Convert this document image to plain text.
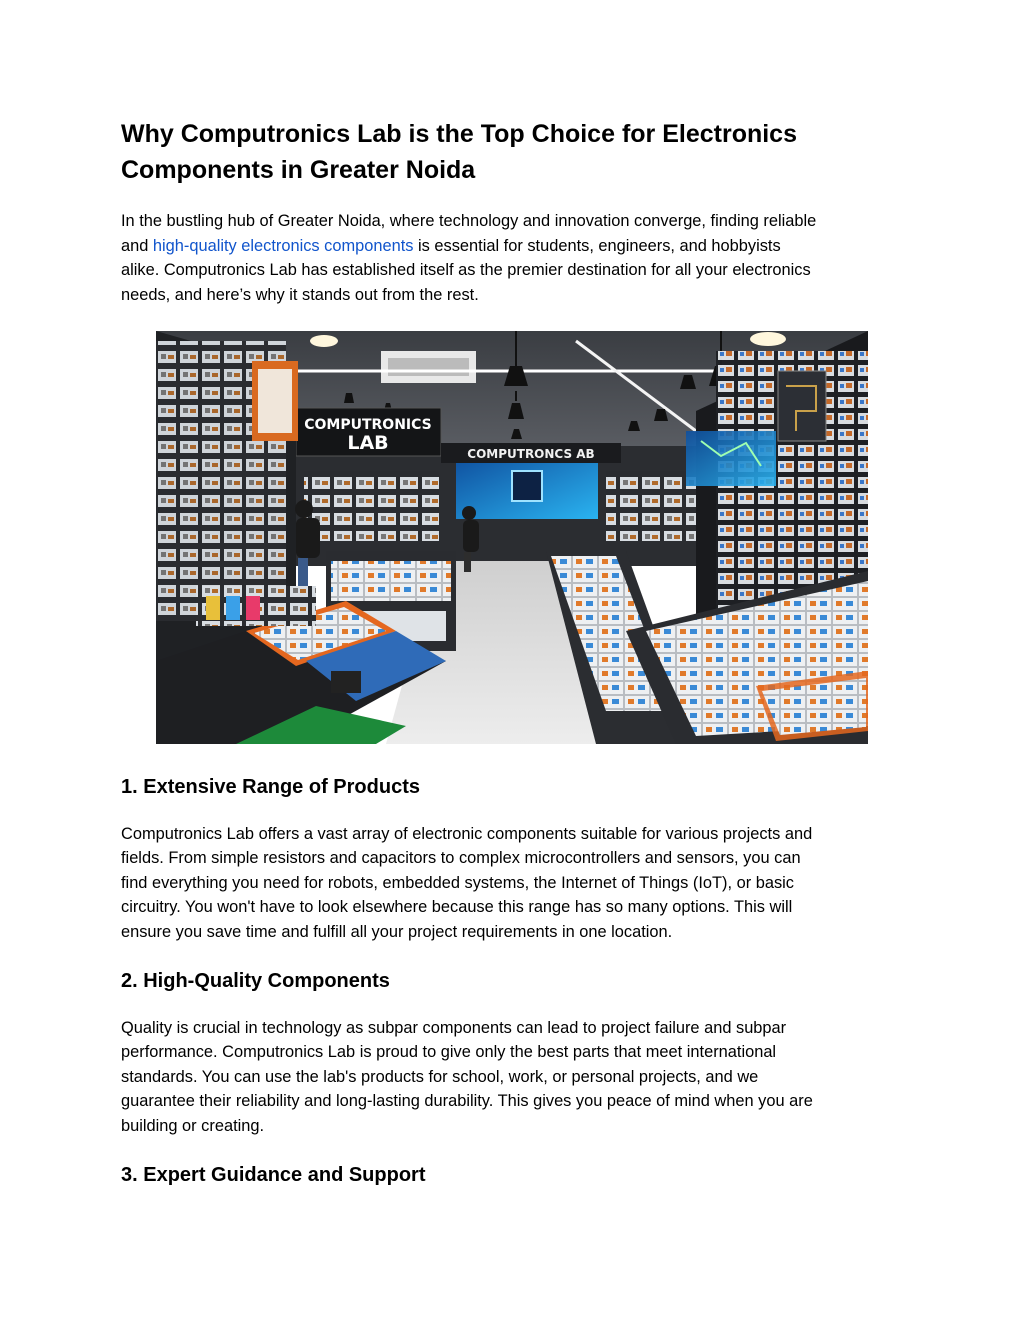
Why Computronics Lab is the Top Choice for Electronics
Components in Greater Noida

In the bustling hub of Greater Noida, where technology and innovation converge, finding reliable
and high-quality electronics components is essential for students, engineers, and hobbyists
alike. Computronics Lab has established itself as the premier destination for all your electronics
needs, and here’s why it stands out from the rest.

COMPUTRONICS
LAB	COMPUTRONCS AB
1. Extensive Range of Products

Computronics Lab offers a vast array of electronic components suitable for various projects and
fields. From simple resistors and capacitors to complex microcontrollers and sensors, you can
find everything you need for robots, embedded systems, the Internet of Things (IoT), or basic
circuitry. You won't have to look elsewhere because this range has so many options. This will
ensure you save time and fulfill all your project requirements in one location.

2. High-Quality Components

Quality is crucial in technology as subpar components can lead to project failure and subpar
performance. Computronics Lab is proud to give only the best parts that meet international
standards. You can use the lab's products for school, work, or personal projects, and we
guarantee their reliability and long-lasting durability. This gives you peace of mind when you are
building or creating.

3. Expert Guidance and Support
